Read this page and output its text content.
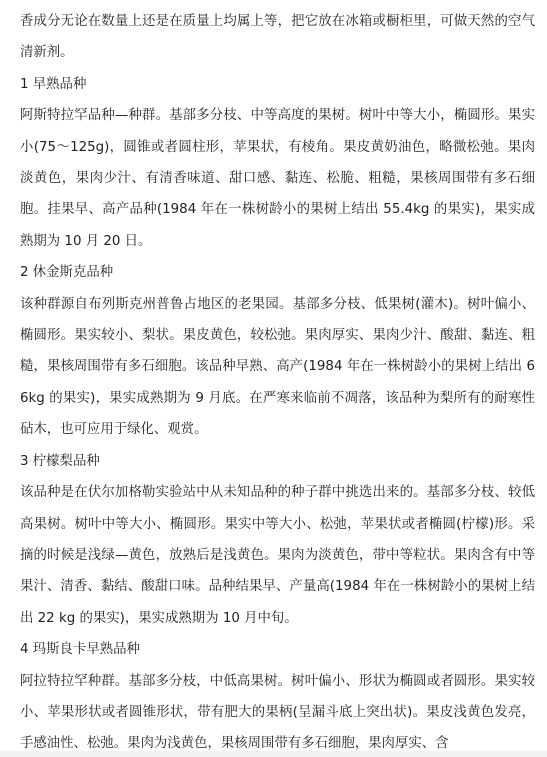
香成分无论在数量上还是在质量上均属上等，把它放在冰箱或橱柜里，可做天然的空气清新剂。

1 早熟品种

阿斯特拉罕品种—种群。基部多分枝、中等高度的果树。树叶中等大小，椭圆形。果实小(75～125g)，圆锥或者圆柱形，苹果状，有棱角。果皮黄奶油色，略微松弛。果肉淡黄色，果肉少汁、有清香味道、甜口感、黏连、松脆、粗糙，果核周围带有多石细胞。挂果早、高产品种(1984 年在一株树龄小的果树上结出 55.4kg 的果实)，果实成熟期为 10 月 20 日。

2 休金斯克品种

该种群源自布列斯克州普鲁占地区的老果园。基部多分枝、低果树(灌木)。树叶偏小、椭圆形。果实较小、梨状。果皮黄色，较松弛。果肉厚实、果肉少汁、酸甜、黏连、粗糙，果核周围带有多石细胞。该品种早熟、高产(1984 年在一株树龄小的果树上结出 66kg 的果实)，果实成熟期为 9 月底。在严寒来临前不凋落，该品种为梨所有的耐寒性砧木，也可应用于绿化、观赏。

3 柠檬梨品种

该品种是在伏尔加格勒实验站中从未知品种的种子群中挑选出来的。基部多分枝、较低高果树。树叶中等大小、椭圆形。果实中等大小、松弛，苹果状或者椭圆(柠檬)形。采摘的时候是浅绿—黄色，放熟后是浅黄色。果肉为淡黄色，带中等粒状。果肉含有中等果汁、清香、黏结、酸甜口味。品种结果早、产量高(1984 年在一株树龄小的果树上结出 22 kg 的果实)，果实成熟期为 10 月中旬。

4 玛斯良卡早熟品种

阿拉特拉罕种群。基部多分枝，中低高果树。树叶偏小、形状为椭圆或者圆形。果实较小、苹果形状或者圆锥形状，带有肥大的果柄(呈漏斗底上突出状)。果皮浅黄色发亮，手感油性、松弛。果肉为浅黄色，果核周围带有多石细胞，果肉厚实、含
